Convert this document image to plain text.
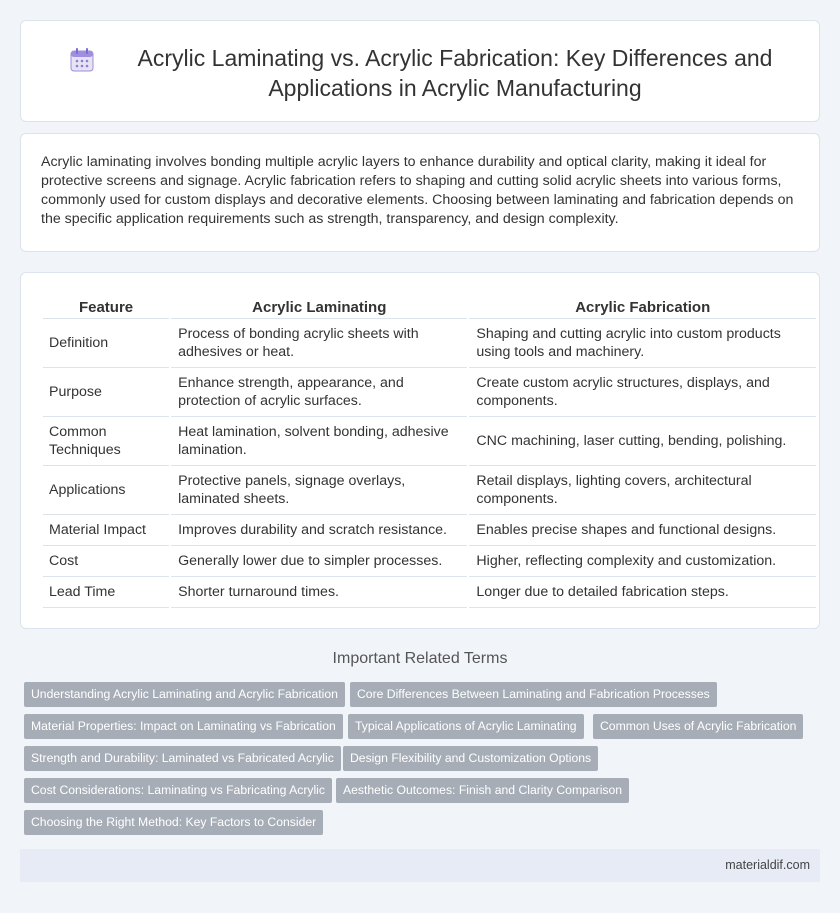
Acrylic Laminating vs. Acrylic Fabrication: Key Differences and Applications in Acrylic Manufacturing

Acrylic laminating involves bonding multiple acrylic layers to enhance durability and optical clarity, making it ideal for protective screens and signage. Acrylic fabrication refers to shaping and cutting solid acrylic sheets into various forms, commonly used for custom displays and decorative elements. Choosing between laminating and fabrication depends on the specific application requirements such as strength, transparency, and design complexity.

Feature	Acrylic Laminating	Acrylic Fabrication
Definition	Process of bonding acrylic sheets with adhesives or heat.	Shaping and cutting acrylic into custom products using tools and machinery.
Purpose	Enhance strength, appearance, and protection of acrylic surfaces.	Create custom acrylic structures, displays, and components.
Common Techniques	Heat lamination, solvent bonding, adhesive lamination.	CNC machining, laser cutting, bending, polishing.
Applications	Protective panels, signage overlays, laminated sheets.	Retail displays, lighting covers, architectural components.
Material Impact	Improves durability and scratch resistance.	Enables precise shapes and functional designs.
Cost	Generally lower due to simpler processes.	Higher, reflecting complexity and customization.
Lead Time	Shorter turnaround times.	Longer due to detailed fabrication steps.
Important Related Terms
Understanding Acrylic Laminating and Acrylic Fabrication	Core Differences Between Laminating and Fabrication Processes
Material Properties: Impact on Laminating vs Fabrication	Typical Applications of Acrylic Laminating	Common Uses of Acrylic Fabrication
Strength and Durability: Laminated vs Fabricated Acrylic	Design Flexibility and Customization Options
Cost Considerations: Laminating vs Fabricating Acrylic	Aesthetic Outcomes: Finish and Clarity Comparison
Choosing the Right Method: Key Factors to Consider
materialdif.com
